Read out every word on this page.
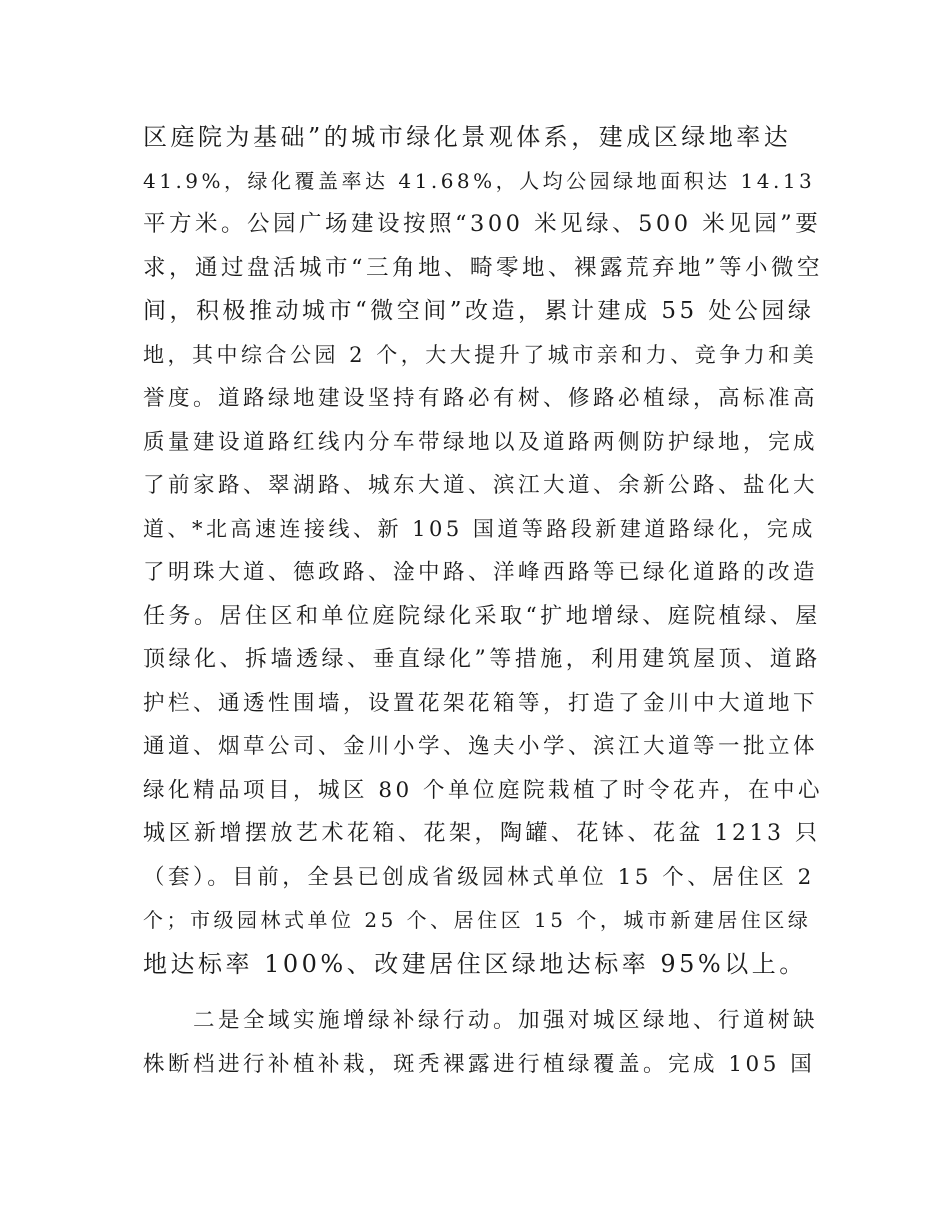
区庭院为基础”的城市绿化景观体系，建成区绿地率达
41.9%，绿化覆盖率达 41.68%，人均公园绿地面积达 14.13
平方米。公园广场建设按照“300 米见绿、500 米见园”要
求，通过盘活城市“三角地、畸零地、裸露荒弃地”等小微空
间，积极推动城市“微空间”改造，累计建成 55 处公园绿
地，其中综合公园 2 个，大大提升了城市亲和力、竞争力和美
誉度。道路绿地建设坚持有路必有树、修路必植绿，高标准高
质量建设道路红线内分车带绿地以及道路两侧防护绿地，完成
了前家路、翠湖路、城东大道、滨江大道、余新公路、盐化大
道、*北高速连接线、新 105 国道等路段新建道路绿化，完成
了明珠大道、德政路、淦中路、洋峰西路等已绿化道路的改造
任务。居住区和单位庭院绿化采取“扩地增绿、庭院植绿、屋
顶绿化、拆墙透绿、垂直绿化”等措施，利用建筑屋顶、道路
护栏、通透性围墙，设置花架花箱等，打造了金川中大道地下
通道、烟草公司、金川小学、逸夫小学、滨江大道等一批立体
绿化精品项目，城区 80 个单位庭院栽植了时令花卉，在中心
城区新增摆放艺术花箱、花架，陶罐、花钵、花盆 1213 只
（套）。目前，全县已创成省级园林式单位 15 个、居住区 2
个；市级园林式单位 25 个、居住区 15 个，城市新建居住区绿
地达标率 100%、改建居住区绿地达标率 95%以上。
　　二是全域实施增绿补绿行动。加强对城区绿地、行道树缺
株断档进行补植补栽，斑秃裸露进行植绿覆盖。完成 105 国
